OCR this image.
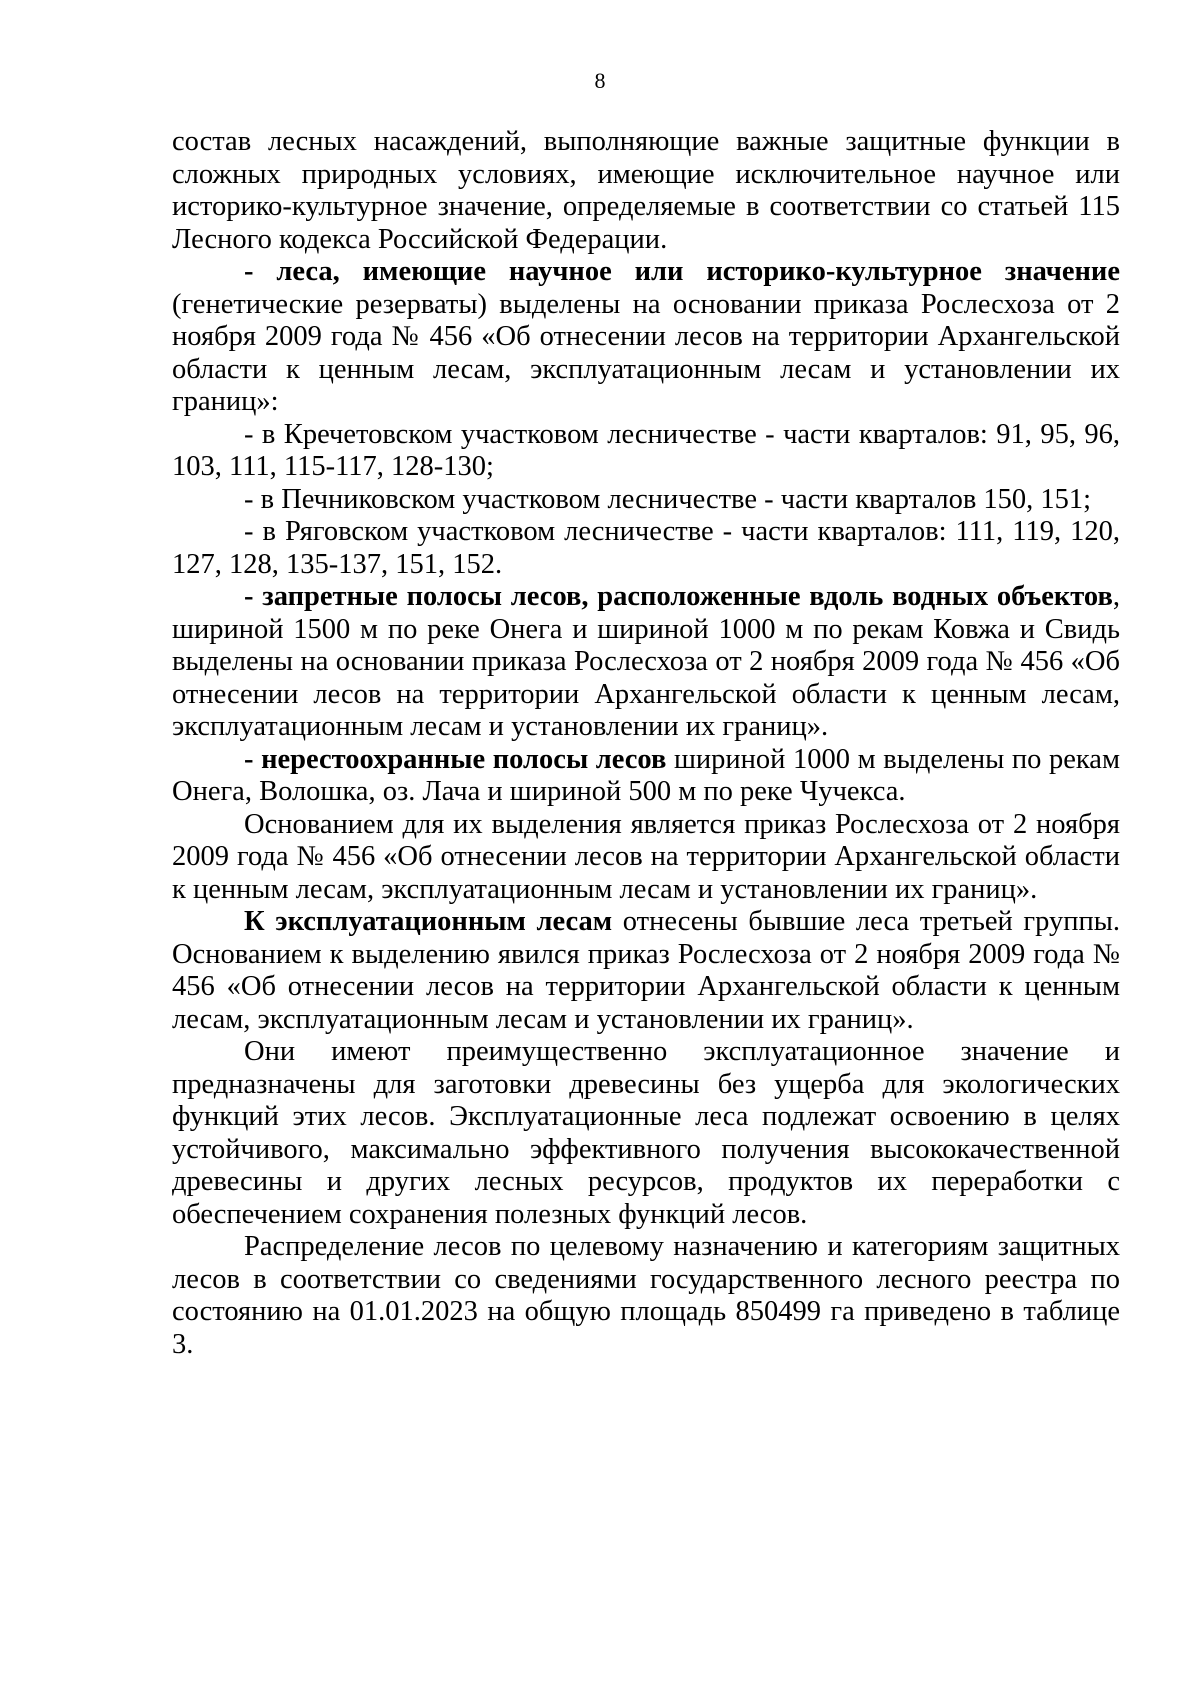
8

состав лесных насаждений, выполняющие важные защитные функции в сложных природных условиях, имеющие исключительное научное или историко-культурное значение, определяемые в соответствии со статьей 115 Лесного кодекса Российской Федерации.

- леса, имеющие научное или историко-культурное значение (генетические резерваты) выделены на основании приказа Рослесхоза от 2 ноября 2009 года № 456 «Об отнесении лесов на территории Архангельской области к ценным лесам, эксплуатационным лесам и установлении их границ»:

- в Кречетовском участковом лесничестве - части кварталов: 91, 95, 96, 103, 111, 115-117, 128-130;

- в Печниковском участковом лесничестве - части кварталов 150, 151;

- в Ряговском участковом лесничестве - части кварталов: 111, 119, 120, 127, 128, 135-137, 151, 152.

- запретные полосы лесов, расположенные вдоль водных объектов, шириной 1500 м по реке Онега и шириной 1000 м по рекам Ковжа и Свидь выделены на основании приказа Рослесхоза от 2 ноября 2009 года № 456 «Об отнесении лесов на территории Архангельской области к ценным лесам, эксплуатационным лесам и установлении их границ».

- нерестоохранные полосы лесов шириной 1000 м выделены по рекам Онега, Волошка, оз. Лача и шириной 500 м по реке Чучекса.

Основанием для их выделения является приказ Рослесхоза от 2 ноября 2009 года № 456 «Об отнесении лесов на территории Архангельской области к ценным лесам, эксплуатационным лесам и установлении их границ».

К эксплуатационным лесам отнесены бывшие леса третьей группы. Основанием к выделению явился приказ Рослесхоза от 2 ноября 2009 года № 456 «Об отнесении лесов на территории Архангельской области к ценным лесам, эксплуатационным лесам и установлении их границ».

Они имеют преимущественно эксплуатационное значение и предназначены для заготовки древесины без ущерба для экологических функций этих лесов. Эксплуатационные леса подлежат освоению в целях устойчивого, максимально эффективного получения высококачественной древесины и других лесных ресурсов, продуктов их переработки с обеспечением сохранения полезных функций лесов.

Распределение лесов по целевому назначению и категориям защитных лесов в соответствии со сведениями государственного лесного реестра по состоянию на 01.01.2023 на общую площадь 850499 га приведено в таблице 3.
